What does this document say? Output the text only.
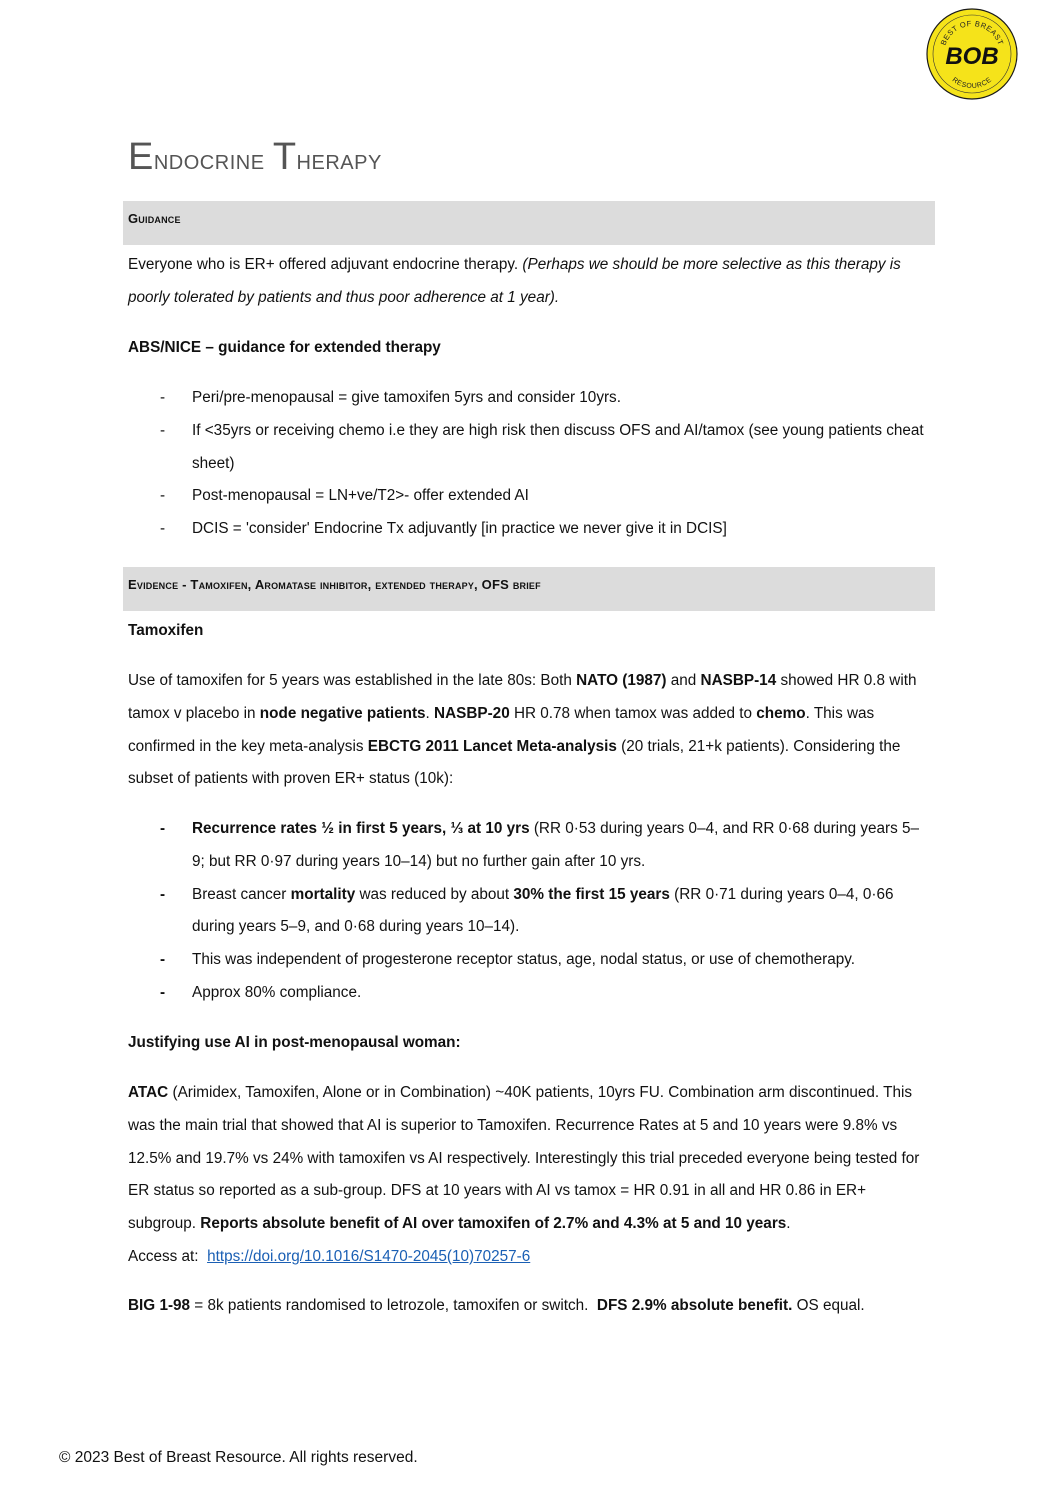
BEST OF BREAST
BOB
RESOURCE
Endocrine Therapy
Guidance

Everyone who is ER+ offered adjuvant endocrine therapy. (Perhaps we should be more selective as this therapy is poorly tolerated by patients and thus poor adherence at 1 year).

ABS/NICE – guidance for extended therapy

- Peri/pre-menopausal = give tamoxifen 5yrs and consider 10yrs.
- If <35yrs or receiving chemo i.e they are high risk then discuss OFS and AI/tamox (see young patients cheat sheet)
- Post-menopausal = LN+ve/T2>- offer extended AI
- DCIS = 'consider' Endocrine Tx adjuvantly [in practice we never give it in DCIS]
Evidence - Tamoxifen, Aromatase inhibitor, extended therapy, OFS brief

Tamoxifen

Use of tamoxifen for 5 years was established in the late 80s: Both NATO (1987) and NASBP-14 showed HR 0.8 with tamox v placebo in node negative patients. NASBP-20 HR 0.78 when tamox was added to chemo. This was confirmed in the key meta-analysis EBCTG 2011 Lancet Meta-analysis (20 trials, 21+k patients). Considering the subset of patients with proven ER+ status (10k):

- Recurrence rates ½ in first 5 years, ⅓ at 10 yrs (RR 0·53 during years 0–4, and RR 0·68 during years 5–9; but RR 0·97 during years 10–14) but no further gain after 10 yrs.
- Breast cancer mortality was reduced by about 30% the first 15 years (RR 0·71 during years 0–4, 0·66 during years 5–9, and 0·68 during years 10–14).
- This was independent of progesterone receptor status, age, nodal status, or use of chemotherapy.
- Approx 80% compliance.

Justifying use AI in post-menopausal woman:

ATAC (Arimidex, Tamoxifen, Alone or in Combination) ~40K patients, 10yrs FU. Combination arm discontinued. This was the main trial that showed that AI is superior to Tamoxifen. Recurrence Rates at 5 and 10 years were 9.8% vs 12.5% and 19.7% vs 24% with tamoxifen vs AI respectively. Interestingly this trial preceded everyone being tested for ER status so reported as a sub-group. DFS at 10 years with AI vs tamox = HR 0.91 in all and HR 0.86 in ER+ subgroup. Reports absolute benefit of AI over tamoxifen of 2.7% and 4.3% at 5 and 10 years.
Access at:  https://doi.org/10.1016/S1470-2045(10)70257-6

BIG 1-98 = 8k patients randomised to letrozole, tamoxifen or switch.  DFS 2.9% absolute benefit. OS equal.

© 2023 Best of Breast Resource. All rights reserved.
